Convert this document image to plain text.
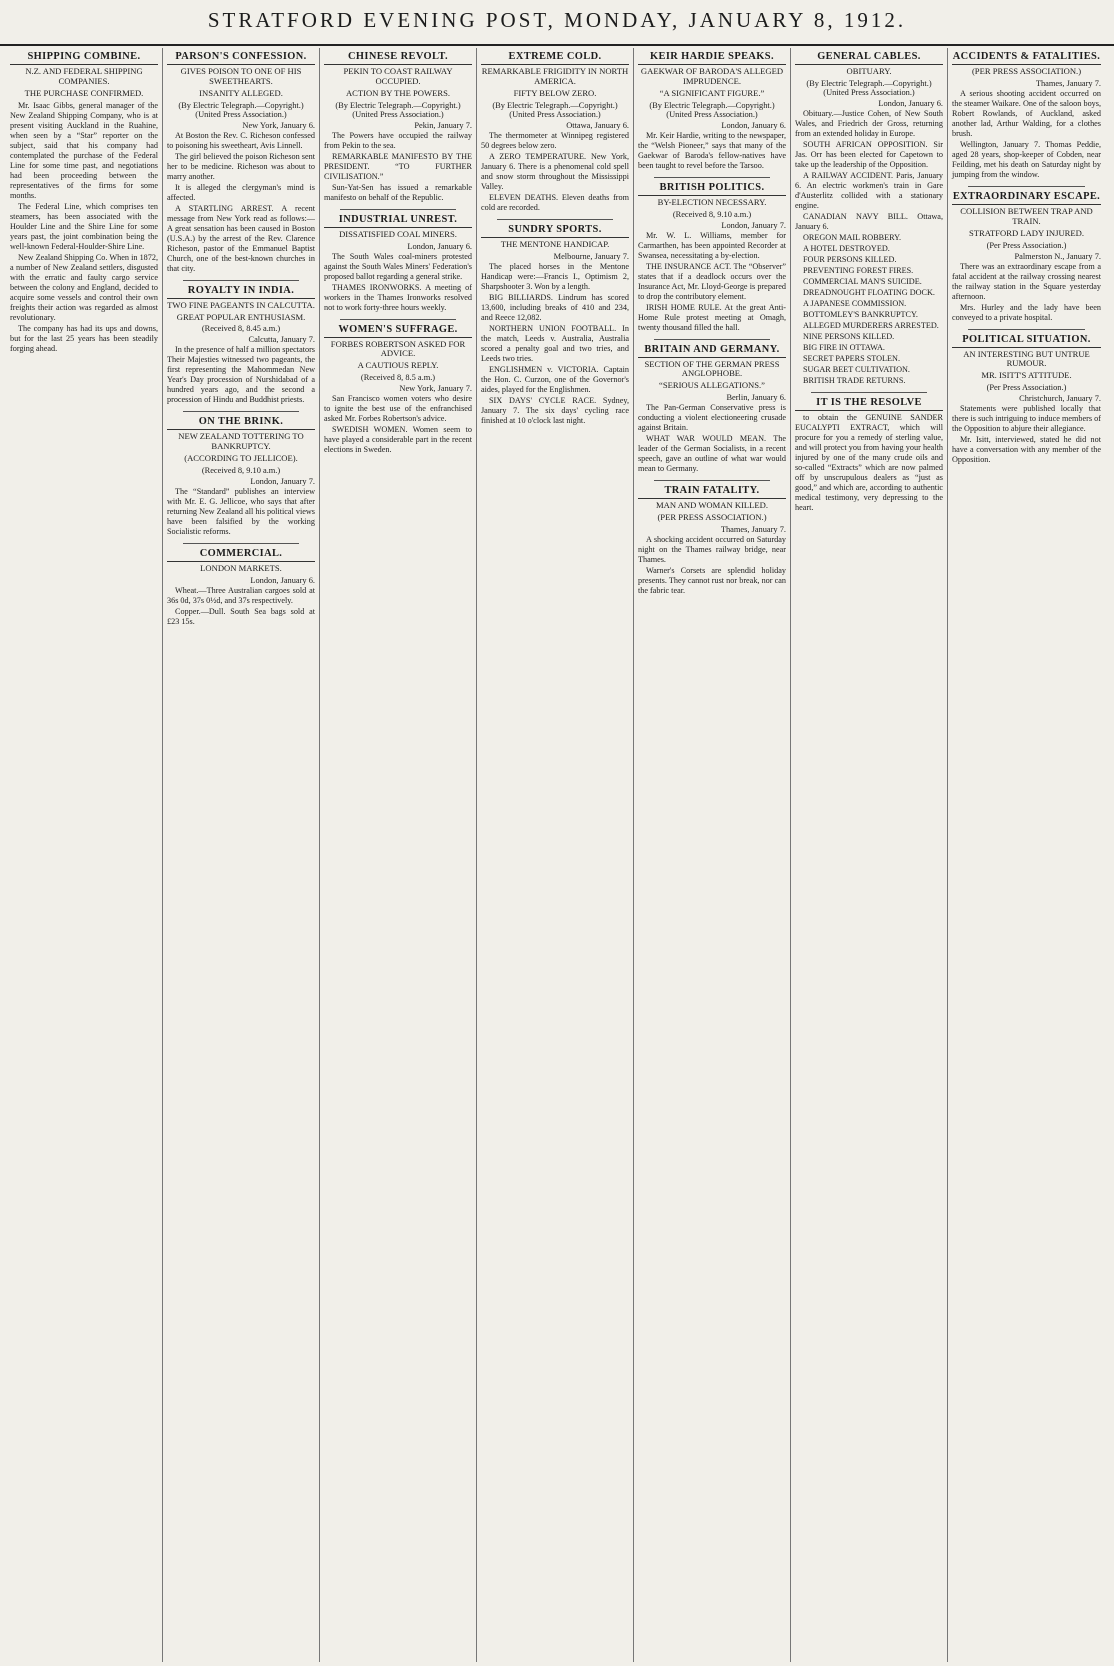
STRATFORD EVENING POST, MONDAY, JANUARY 8, 1912.
SHIPPING COMBINE.
N.Z. AND FEDERAL SHIPPING COMPANIES.
THE PURCHASE CONFIRMED.

Mr. Isaac Gibbs, general manager of the New Zealand Shipping Company, who is at present visiting Auckland in the Ruahine, when seen by a “Star” reporter on the subject, said that his company had contemplated the purchase of the Federal Line for some time past, and negotiations had been proceeding between the representatives of the firms for some months.

The Federal Line, which comprises ten steamers, has been associated with the Houlder Line and the Shire Line for some years past, the joint combination being the well-known Federal-Houlder-Shire Line.

New Zealand Shipping Co. When in 1872, a number of New Zealand settlers, disgusted with the erratic and faulty cargo service between the colony and England, decided to acquire some vessels and control their own freights their action was regarded as almost revolutionary.

The company has had its ups and downs, but for the last 25 years has been steadily forging ahead.

PARSON'S CONFESSION.
GIVES POISON TO ONE OF HIS SWEETHEARTS.
INSANITY ALLEGED.
(By Electric Telegraph.—Copyright.) (United Press Association.)
New York, January 6.

At Boston the Rev. C. Richeson confessed to poisoning his sweetheart, Avis Linnell.

The girl believed the poison Richeson sent her to be medicine. Richeson was about to marry another.

It is alleged the clergyman's mind is affected.

A STARTLING ARREST. A recent message from New York read as follows:—A great sensation has been caused in Boston (U.S.A.) by the arrest of the Rev. Clarence Richeson, pastor of the Emmanuel Baptist Church, one of the best-known churches in that city.

ROYALTY IN INDIA.
TWO FINE PAGEANTS IN CALCUTTA.
GREAT POPULAR ENTHUSIASM.
(Received 8, 8.45 a.m.)
Calcutta, January 7.

In the presence of half a million spectators Their Majesties witnessed two pageants, the first representing the Mahommedan New Year's Day procession of Nurshidabad of a hundred years ago, and the second a procession of Hindu and Buddhist priests.

ON THE BRINK.
NEW ZEALAND TOTTERING TO BANKRUPTCY.
(ACCORDING TO JELLICOE).
(Received 8, 9.10 a.m.)
London, January 7.

The “Standard” publishes an interview with Mr. E. G. Jellicoe, who says that after returning New Zealand all his political views have been falsified by the working Socialistic reforms.

COMMERCIAL.
LONDON MARKETS.
London, January 6.

Wheat.—Three Australian cargoes sold at 36s 0d, 37s 0½d, and 37s respectively.

Copper.—Dull. South Sea bags sold at £23 15s.

CHINESE REVOLT.
PEKIN TO COAST RAILWAY OCCUPIED.
ACTION BY THE POWERS.
(By Electric Telegraph.—Copyright.) (United Press Association.)
Pekin, January 7.

The Powers have occupied the railway from Pekin to the sea.

REMARKABLE MANIFESTO BY THE PRESIDENT. “TO FURTHER CIVILISATION.”

Sun-Yat-Sen has issued a remarkable manifesto on behalf of the Republic.

INDUSTRIAL UNREST.
DISSATISFIED COAL MINERS.
London, January 6.

The South Wales coal-miners protested against the South Wales Miners' Federation's proposed ballot regarding a general strike.

THAMES IRONWORKS. A meeting of workers in the Thames Ironworks resolved not to work forty-three hours weekly.

WOMEN'S SUFFRAGE.
FORBES ROBERTSON ASKED FOR ADVICE.
A CAUTIOUS REPLY.
(Received 8, 8.5 a.m.)
New York, January 7.

San Francisco women voters who desire to ignite the best use of the enfranchised asked Mr. Forbes Robertson's advice.

SWEDISH WOMEN. Women seem to have played a considerable part in the recent elections in Sweden.

EXTREME COLD.
REMARKABLE FRIGIDITY IN NORTH AMERICA.
FIFTY BELOW ZERO.
(By Electric Telegraph.—Copyright.) (United Press Association.)
Ottawa, January 6.

The thermometer at Winnipeg registered 50 degrees below zero.

A ZERO TEMPERATURE. New York, January 6. There is a phenomenal cold spell and snow storm throughout the Mississippi Valley.

ELEVEN DEATHS. Eleven deaths from cold are recorded.

SUNDRY SPORTS.
THE MENTONE HANDICAP.
Melbourne, January 7.

The placed horses in the Mentone Handicap were:—Francis I., Optimism 2, Sharpshooter 3. Won by a length.

BIG BILLIARDS. Lindrum has scored 13,600, including breaks of 410 and 234, and Reece 12,082.

NORTHERN UNION FOOTBALL. In the match, Leeds v. Australia, Australia scored a penalty goal and two tries, and Leeds two tries.

ENGLISHMEN v. VICTORIA. Captain the Hon. C. Curzon, one of the Governor's aides, played for the Englishmen.

SIX DAYS' CYCLE RACE. Sydney, January 7. The six days' cycling race finished at 10 o'clock last night.

KEIR HARDIE SPEAKS.
GAEKWAR OF BARODA'S ALLEGED IMPRUDENCE.
“A SIGNIFICANT FIGURE.”
(By Electric Telegraph.—Copyright.) (United Press Association.)
London, January 6.

Mr. Keir Hardie, writing to the newspaper, the “Welsh Pioneer,” says that many of the Gaekwar of Baroda's fellow-natives have been taught to revel before the Tarsoo.

BRITISH POLITICS.
BY-ELECTION NECESSARY.
(Received 8, 9.10 a.m.)
London, January 7.

Mr. W. L. Williams, member for Carmarthen, has been appointed Recorder at Swansea, necessitating a by-election.

THE INSURANCE ACT. The “Observer” states that if a deadlock occurs over the Insurance Act, Mr. Lloyd-George is prepared to drop the contributory element.

IRISH HOME RULE. At the great Anti-Home Rule protest meeting at Omagh, twenty thousand filled the hall.

BRITAIN AND GERMANY.
SECTION OF THE GERMAN PRESS ANGLOPHOBE.
“SERIOUS ALLEGATIONS.”
Berlin, January 6.

The Pan-German Conservative press is conducting a violent electioneering crusade against Britain.

WHAT WAR WOULD MEAN. The leader of the German Socialists, in a recent speech, gave an outline of what war would mean to Germany.

TRAIN FATALITY.
MAN AND WOMAN KILLED.
(PER PRESS ASSOCIATION.)
Thames, January 7.

A shocking accident occurred on Saturday night on the Thames railway bridge, near Thames.

Warner's Corsets are splendid holiday presents. They cannot rust nor break, nor can the fabric tear.

GENERAL CABLES.
OBITUARY.
(By Electric Telegraph.—Copyright.) (United Press Association.)
London, January 6.

Obituary.—Justice Cohen, of New South Wales, and Friedrich der Gross, returning from an extended holiday in Europe.

SOUTH AFRICAN OPPOSITION. Sir Jas. Orr has been elected for Capetown to take up the leadership of the Opposition.

A RAILWAY ACCIDENT. Paris, January 6. An electric workmen's train in Gare d'Austerlitz collided with a stationary engine.

CANADIAN NAVY BILL. Ottawa, January 6.

OREGON MAIL ROBBERY.

A HOTEL DESTROYED.

FOUR PERSONS KILLED.

PREVENTING FOREST FIRES.

COMMERCIAL MAN'S SUICIDE.

DREADNOUGHT FLOATING DOCK.

A JAPANESE COMMISSION.

BOTTOMLEY'S BANKRUPTCY.

ALLEGED MURDERERS ARRESTED.

NINE PERSONS KILLED.

BIG FIRE IN OTTAWA.

SECRET PAPERS STOLEN.

SUGAR BEET CULTIVATION.

BRITISH TRADE RETURNS.

IT IS THE RESOLVE

to obtain the GENUINE SANDER EUCALYPTI EXTRACT, which will procure for you a remedy of sterling value, and will protect you from having your health injured by one of the many crude oils and so-called “Extracts” which are now palmed off by unscrupulous dealers as “just as good,” and which are, according to authentic medical testimony, very depressing to the heart.

ACCIDENTS & FATALITIES.
(PER PRESS ASSOCIATION.)
Thames, January 7.

A serious shooting accident occurred on the steamer Waikare. One of the saloon boys, Robert Rowlands, of Auckland, asked another lad, Arthur Walding, for a clothes brush.

Wellington, January 7. Thomas Peddie, aged 28 years, shop-keeper of Cobden, near Feilding, met his death on Saturday night by jumping from the window.

EXTRAORDINARY ESCAPE.
COLLISION BETWEEN TRAP AND TRAIN.
STRATFORD LADY INJURED.
(Per Press Association.)
Palmerston N., January 7.

There was an extraordinary escape from a fatal accident at the railway crossing nearest the railway station in the Square yesterday afternoon.

Mrs. Hurley and the lady have been conveyed to a private hospital.

POLITICAL SITUATION.
AN INTERESTING BUT UNTRUE RUMOUR.
MR. ISITT'S ATTITUDE.
(Per Press Association.)
Christchurch, January 7.

Statements were published locally that there is such intriguing to induce members of the Opposition to abjure their allegiance.

Mr. Isitt, interviewed, stated he did not have a conversation with any member of the Opposition.
